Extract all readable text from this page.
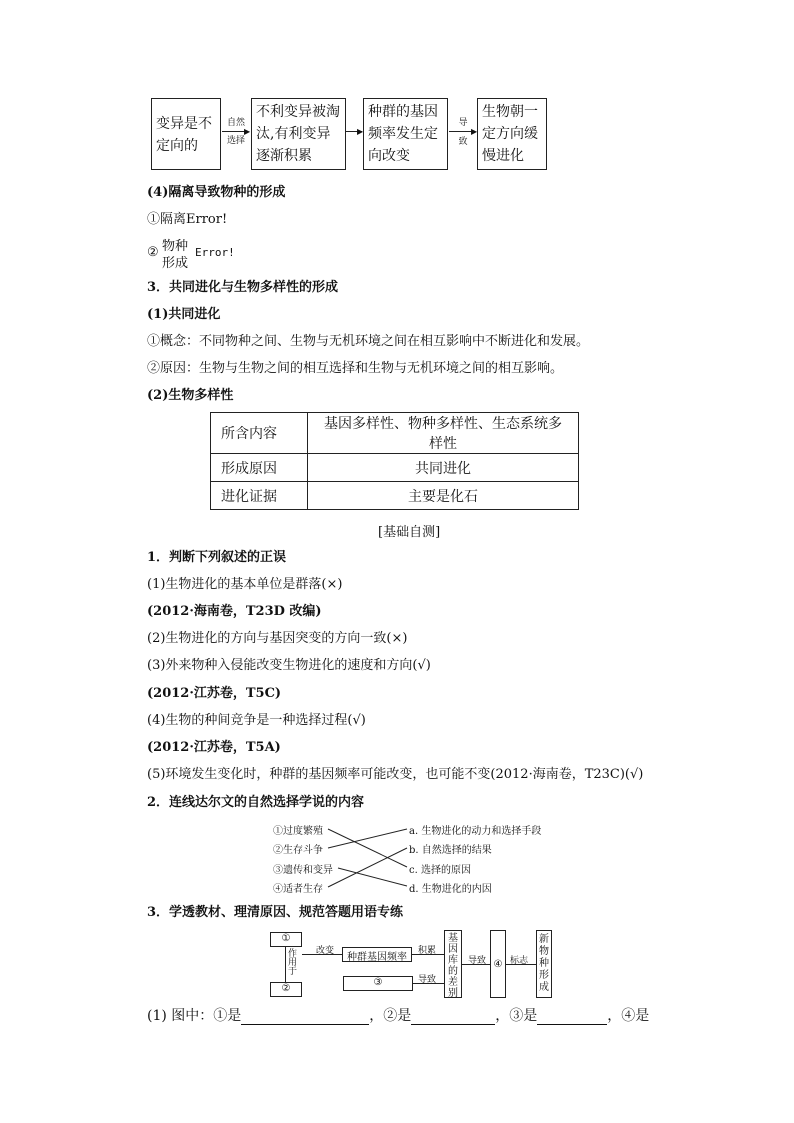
变异是不定向的
自然
▶
选择
不利变异被淘汰,有利变异逐渐积累
▶
种群的基因频率发生定向改变
导
▶
致
生物朝一定方向缓慢进化
(4)隔离导致物种的形成
①隔离Error!
② 物种
形成
Error!
3．共同进化与生物多样性的形成
(1)共同进化
①概念：不同物种之间、生物与无机环境之间在相互影响中不断进化和发展。
②原因：生物与生物之间的相互选择和生物与无机环境之间的相互影响。
(2)生物多样性
所含内容	基因多样性、物种多样性、生态系统多样性
形成原因	共同进化
进化证据	主要是化石
[基础自测]
1．判断下列叙述的正误
(1)生物进化的基本单位是群落(×)
(2012·海南卷，T23D 改编)
(2)生物进化的方向与基因突变的方向一致(×)
(3)外来物种入侵能改变生物进化的速度和方向(√)
(2012·江苏卷，T5C)
(4)生物的种间竞争是一种选择过程(√)
(2012·江苏卷，T5A)
(5)环境发生变化时，种群的基因频率可能改变，也可能不变(2012·海南卷，T23C)(√)
2．连线达尔文的自然选择学说的内容
①过度繁殖
②生存斗争
③遗传和变异
④适者生存
a. 生物进化的动力和选择手段
b. 自然选择的结果
c. 选择的原因
d. 生物进化的内因
3．学透教材、理清原因、规范答题用语专练
①
②
作用于
改变
种群基因频率
积累
③	导致
基因库的差别
导致 ④ 标志
新物种形成
(1) 图中：①是	，②是	，③是	，④是
